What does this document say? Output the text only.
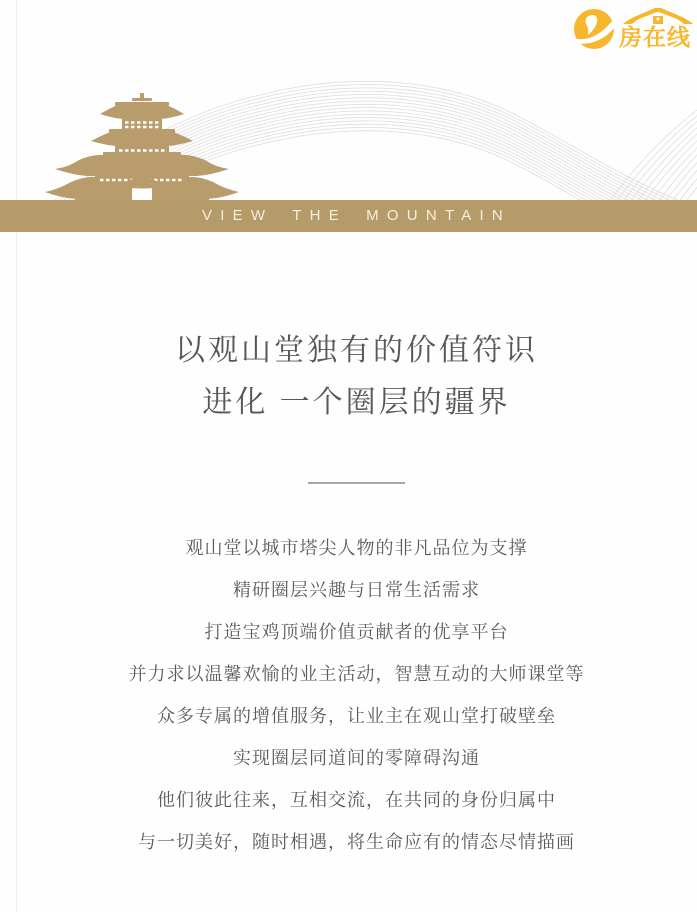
VIEW THE MOUNTAIN
房在线
以观山堂独有的价值符识
进化 一个圈层的疆界
观山堂以城市塔尖人物的非凡品位为支撑
精研圈层兴趣与日常生活需求
打造宝鸡顶端价值贡献者的优享平台
并力求以温馨欢愉的业主活动，智慧互动的大师课堂等
众多专属的增值服务，让业主在观山堂打破壁垒
实现圈层同道间的零障碍沟通
他们彼此往来，互相交流，在共同的身份归属中
与一切美好，随时相遇，将生命应有的情态尽情描画
